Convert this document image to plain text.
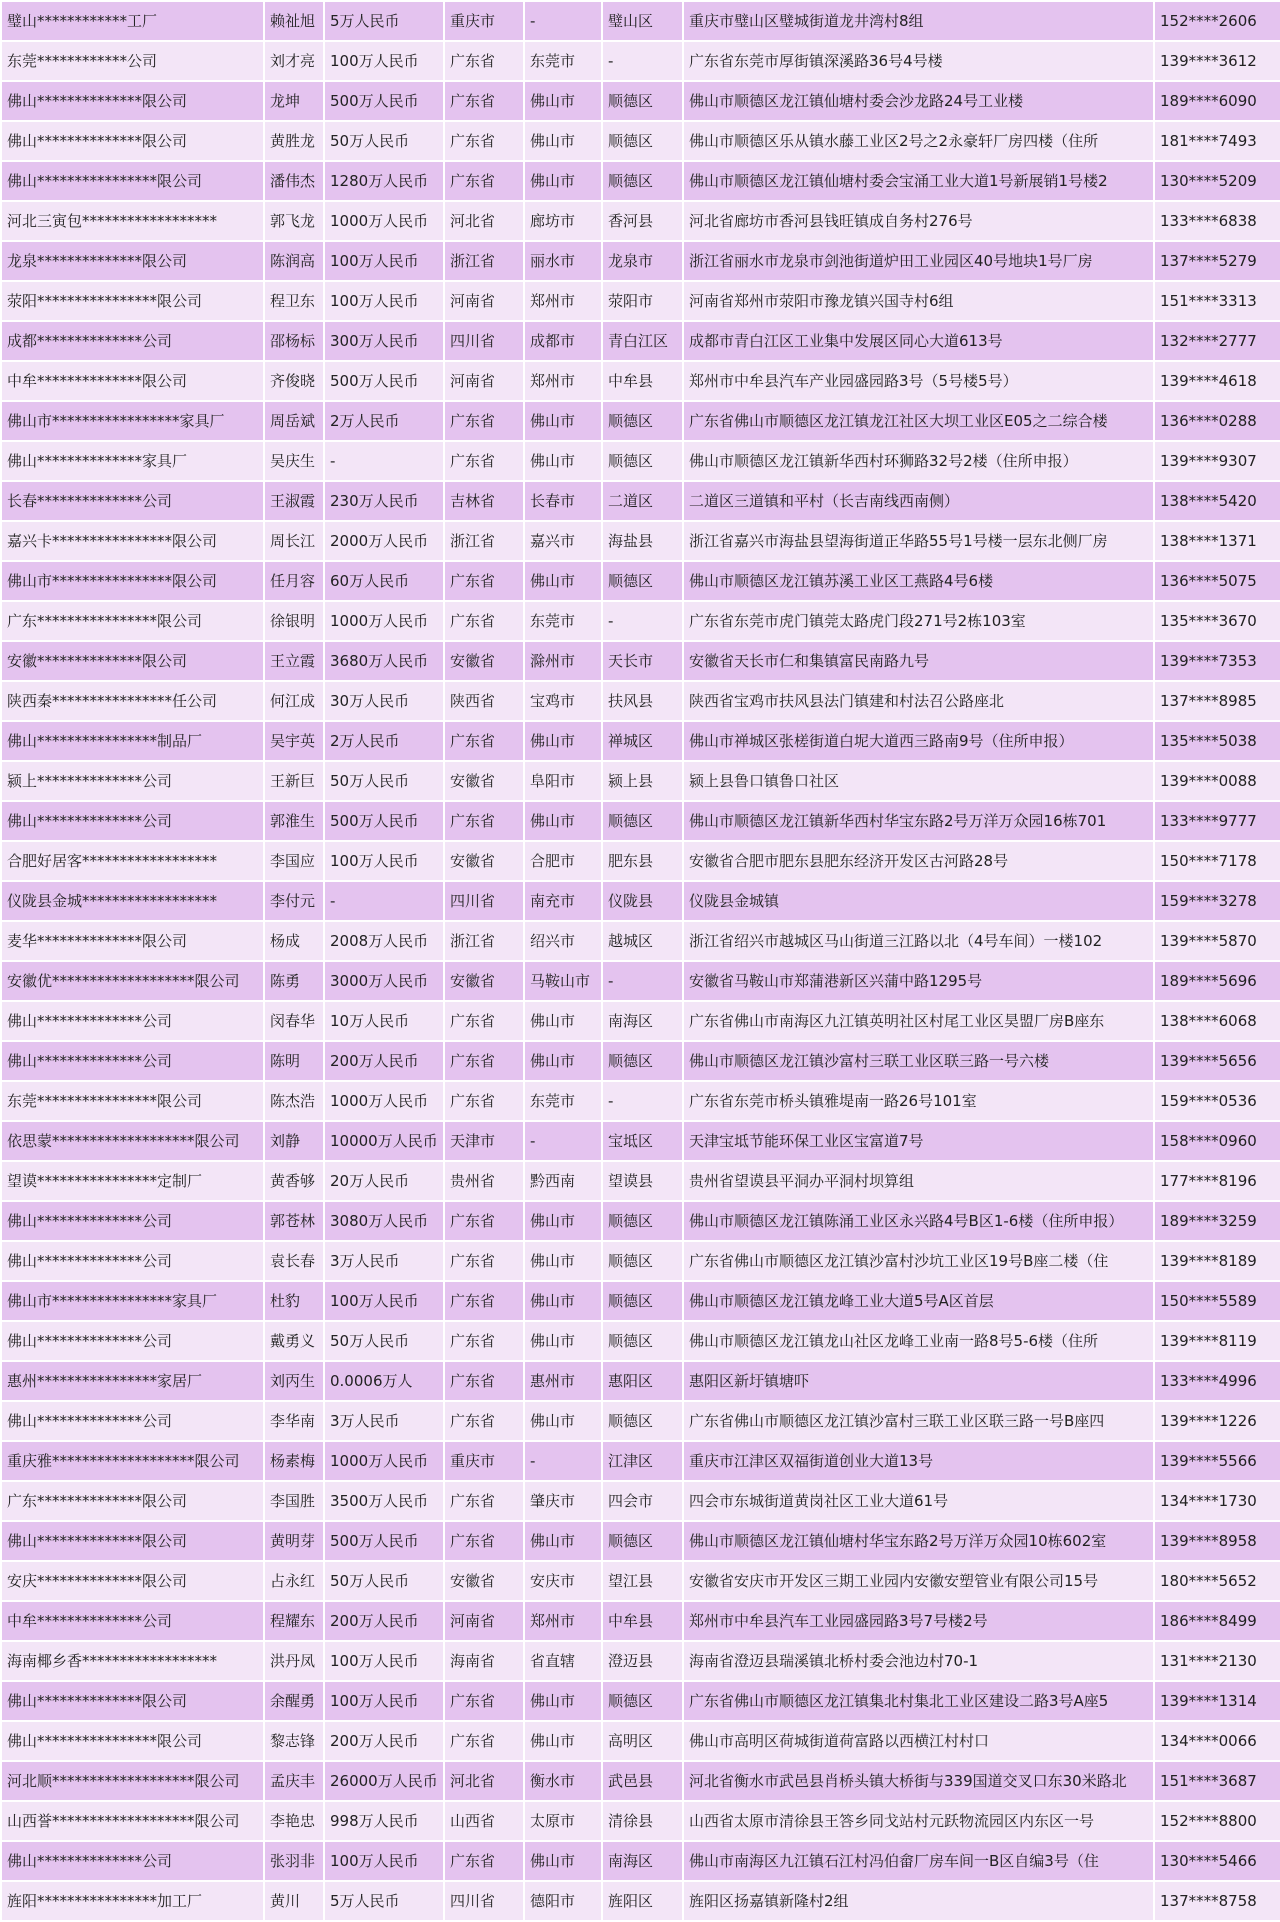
璧山************工厂	赖祉旭	5万人民币	重庆市	-	璧山区	重庆市璧山区璧城街道龙井湾村8组	152****2606
东莞************公司	刘才亮	100万人民币	广东省	东莞市	-	广东省东莞市厚街镇深溪路36号4号楼	139****3612
佛山**************限公司	龙坤	500万人民币	广东省	佛山市	顺德区	佛山市顺德区龙江镇仙塘村委会沙龙路24号工业楼	189****6090
佛山**************限公司	黄胜龙	50万人民币	广东省	佛山市	顺德区	佛山市顺德区乐从镇水藤工业区2号之2永豪轩厂房四楼（住所	181****7493
佛山****************限公司	潘伟杰	1280万人民币	广东省	佛山市	顺德区	佛山市顺德区龙江镇仙塘村委会宝涌工业大道1号新展销1号楼2	130****5209
河北三寅包******************	郭飞龙	1000万人民币	河北省	廊坊市	香河县	河北省廊坊市香河县钱旺镇成自务村276号	133****6838
龙泉**************限公司	陈润高	100万人民币	浙江省	丽水市	龙泉市	浙江省丽水市龙泉市剑池街道炉田工业园区40号地块1号厂房	137****5279
荥阳****************限公司	程卫东	100万人民币	河南省	郑州市	荥阳市	河南省郑州市荥阳市豫龙镇兴国寺村6组	151****3313
成都**************公司	邵杨标	300万人民币	四川省	成都市	青白江区	成都市青白江区工业集中发展区同心大道613号	132****2777
中牟**************限公司	齐俊晓	500万人民币	河南省	郑州市	中牟县	郑州市中牟县汽车产业园盛园路3号（5号楼5号）	139****4618
佛山市*****************家具厂	周岳斌	2万人民币	广东省	佛山市	顺德区	广东省佛山市顺德区龙江镇龙江社区大坝工业区E05之二综合楼	136****0288
佛山**************家具厂	吴庆生	-	广东省	佛山市	顺德区	佛山市顺德区龙江镇新华西村环狮路32号2楼（住所申报）	139****9307
长春**************公司	王淑霞	230万人民币	吉林省	长春市	二道区	二道区三道镇和平村（长吉南线西南侧）	138****5420
嘉兴卡****************限公司	周长江	2000万人民币	浙江省	嘉兴市	海盐县	浙江省嘉兴市海盐县望海街道正华路55号1号楼一层东北侧厂房	138****1371
佛山市****************限公司	任月容	60万人民币	广东省	佛山市	顺德区	佛山市顺德区龙江镇苏溪工业区工燕路4号6楼	136****5075
广东****************限公司	徐银明	1000万人民币	广东省	东莞市	-	广东省东莞市虎门镇莞太路虎门段271号2栋103室	135****3670
安徽**************限公司	王立霞	3680万人民币	安徽省	滁州市	天长市	安徽省天长市仁和集镇富民南路九号	139****7353
陕西秦****************任公司	何江成	30万人民币	陕西省	宝鸡市	扶风县	陕西省宝鸡市扶风县法门镇建和村法召公路座北	137****8985
佛山****************制品厂	吴宇英	2万人民币	广东省	佛山市	禅城区	佛山市禅城区张槎街道白坭大道西三路南9号（住所申报）	135****5038
颍上**************公司	王新巨	50万人民币	安徽省	阜阳市	颍上县	颍上县鲁口镇鲁口社区	139****0088
佛山**************公司	郭淮生	500万人民币	广东省	佛山市	顺德区	佛山市顺德区龙江镇新华西村华宝东路2号万洋万众园16栋701	133****9777
合肥好居客******************	李国应	100万人民币	安徽省	合肥市	肥东县	安徽省合肥市肥东县肥东经济开发区古河路28号	150****7178
仪陇县金城******************	李付元	-	四川省	南充市	仪陇县	仪陇县金城镇	159****3278
麦华**************限公司	杨成	2008万人民币	浙江省	绍兴市	越城区	浙江省绍兴市越城区马山街道三江路以北（4号车间）一楼102	139****5870
安徽优*******************限公司	陈勇	3000万人民币	安徽省	马鞍山市	-	安徽省马鞍山市郑蒲港新区兴蒲中路1295号	189****5696
佛山**************公司	闵春华	10万人民币	广东省	佛山市	南海区	广东省佛山市南海区九江镇英明社区村尾工业区昊盟厂房B座东	138****6068
佛山**************公司	陈明	200万人民币	广东省	佛山市	顺德区	佛山市顺德区龙江镇沙富村三联工业区联三路一号六楼	139****5656
东莞****************限公司	陈杰浩	1000万人民币	广东省	东莞市	-	广东省东莞市桥头镇雅堤南一路26号101室	159****0536
依思蒙*******************限公司	刘静	10000万人民币	天津市	-	宝坻区	天津宝坻节能环保工业区宝富道7号	158****0960
望谟****************定制厂	黄香够	20万人民币	贵州省	黔西南	望谟县	贵州省望谟县平洞办平洞村坝算组	177****8196
佛山**************公司	郭苍林	3080万人民币	广东省	佛山市	顺德区	佛山市顺德区龙江镇陈涌工业区永兴路4号B区1-6楼（住所申报）	189****3259
佛山**************公司	袁长春	3万人民币	广东省	佛山市	顺德区	广东省佛山市顺德区龙江镇沙富村沙坑工业区19号B座二楼（住	139****8189
佛山市****************家具厂	杜豹	100万人民币	广东省	佛山市	顺德区	佛山市顺德区龙江镇龙峰工业大道5号A区首层	150****5589
佛山**************公司	戴勇义	50万人民币	广东省	佛山市	顺德区	佛山市顺德区龙江镇龙山社区龙峰工业南一路8号5-6楼（住所	139****8119
惠州****************家居厂	刘丙生	0.0006万人	广东省	惠州市	惠阳区	惠阳区新圩镇塘吓	133****4996
佛山**************公司	李华南	3万人民币	广东省	佛山市	顺德区	广东省佛山市顺德区龙江镇沙富村三联工业区联三路一号B座四	139****1226
重庆雅*******************限公司	杨素梅	1000万人民币	重庆市	-	江津区	重庆市江津区双福街道创业大道13号	139****5566
广东**************限公司	李国胜	3500万人民币	广东省	肇庆市	四会市	四会市东城街道黄岗社区工业大道61号	134****1730
佛山**************限公司	黄明芽	500万人民币	广东省	佛山市	顺德区	佛山市顺德区龙江镇仙塘村华宝东路2号万洋万众园10栋602室	139****8958
安庆**************限公司	占永红	50万人民币	安徽省	安庆市	望江县	安徽省安庆市开发区三期工业园内安徽安塑管业有限公司15号	180****5652
中牟**************公司	程耀东	200万人民币	河南省	郑州市	中牟县	郑州市中牟县汽车工业园盛园路3号7号楼2号	186****8499
海南椰乡香******************	洪丹凤	100万人民币	海南省	省直辖	澄迈县	海南省澄迈县瑞溪镇北桥村委会池边村70-1	131****2130
佛山**************限公司	余醒勇	100万人民币	广东省	佛山市	顺德区	广东省佛山市顺德区龙江镇集北村集北工业区建设二路3号A座5	139****1314
佛山****************限公司	黎志锋	200万人民币	广东省	佛山市	高明区	佛山市高明区荷城街道荷富路以西横江村村口	134****0066
河北顺*******************限公司	孟庆丰	26000万人民币	河北省	衡水市	武邑县	河北省衡水市武邑县肖桥头镇大桥街与339国道交叉口东30米路北	151****3687
山西誉*******************限公司	李艳忠	998万人民币	山西省	太原市	清徐县	山西省太原市清徐县王答乡同戈站村元跃物流园区内东区一号	152****8800
佛山**************公司	张羽非	100万人民币	广东省	佛山市	南海区	佛山市南海区九江镇石江村冯伯畲厂房车间一B区自编3号（住	130****5466
旌阳****************加工厂	黄川	5万人民币	四川省	德阳市	旌阳区	旌阳区扬嘉镇新隆村2组	137****8758
